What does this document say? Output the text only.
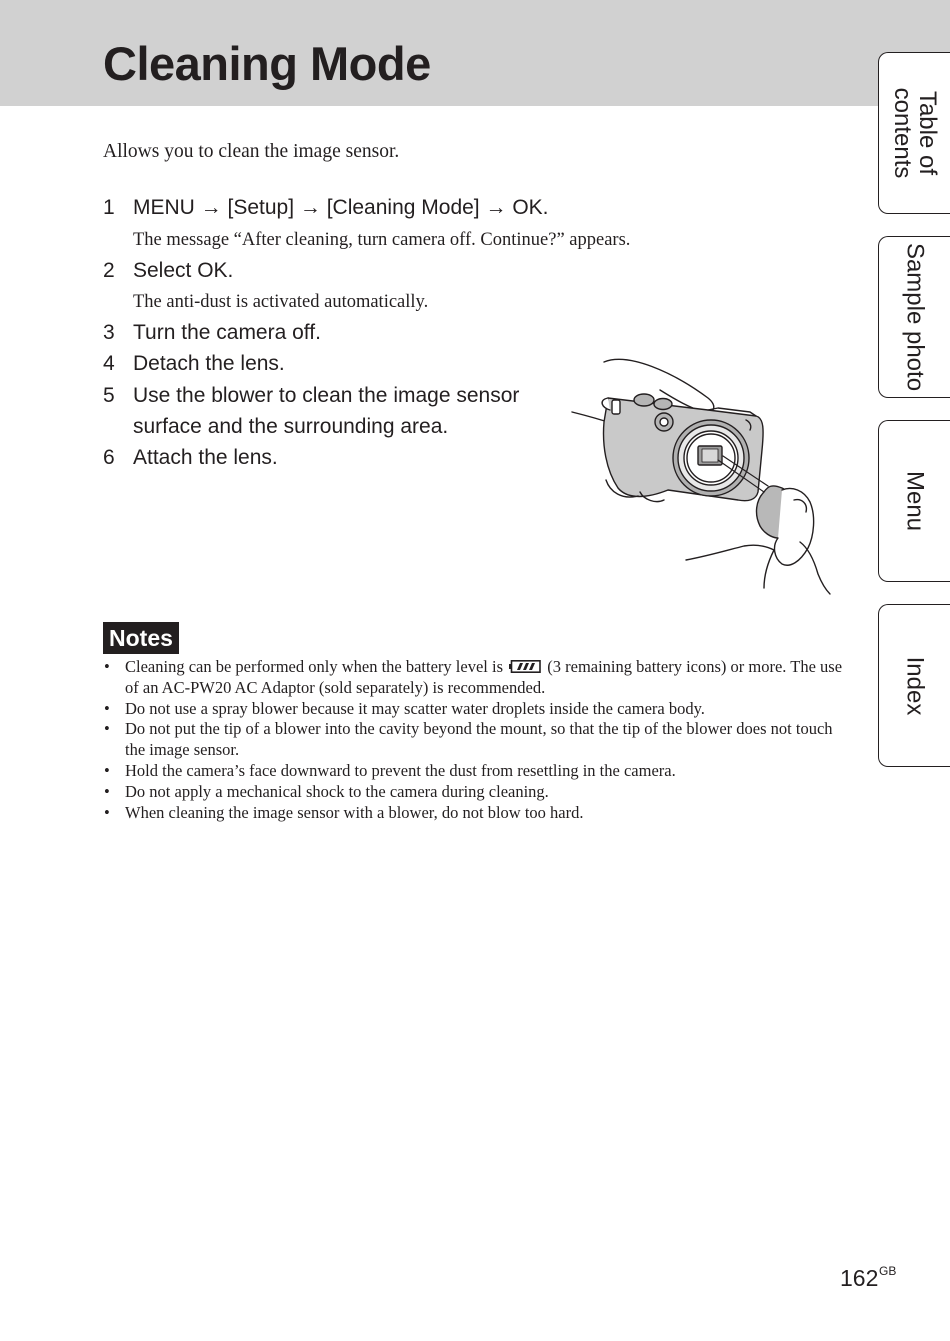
Cleaning Mode
Allows you to clean the image sensor.
1 MENU → [Setup] → [Cleaning Mode] → OK.
The message “After cleaning, turn camera off. Continue?” appears.
2 Select OK.
The anti-dust is activated automatically.
3 Turn the camera off.
4 Detach the lens.
5 Use the blower to clean the image sensor
surface and the surrounding area.
6 Attach the lens.
Notes
• Cleaning can be performed only when the battery level is	(3 remaining battery icons) or more. The use of an AC-PW20 AC Adaptor (sold separately) is recommended.
• Do not use a spray blower because it may scatter water droplets inside the camera body.
• Do not put the tip of a blower into the cavity beyond the mount, so that the tip of the blower does not touch the image sensor.
• Hold the camera’s face downward to prevent the dust from resettling in the camera.
• Do not apply a mechanical shock to the camera during cleaning.
• When cleaning the image sensor with a blower, do not blow too hard.
Table of
contents
Sample photo
Menu
Index
162 GB
